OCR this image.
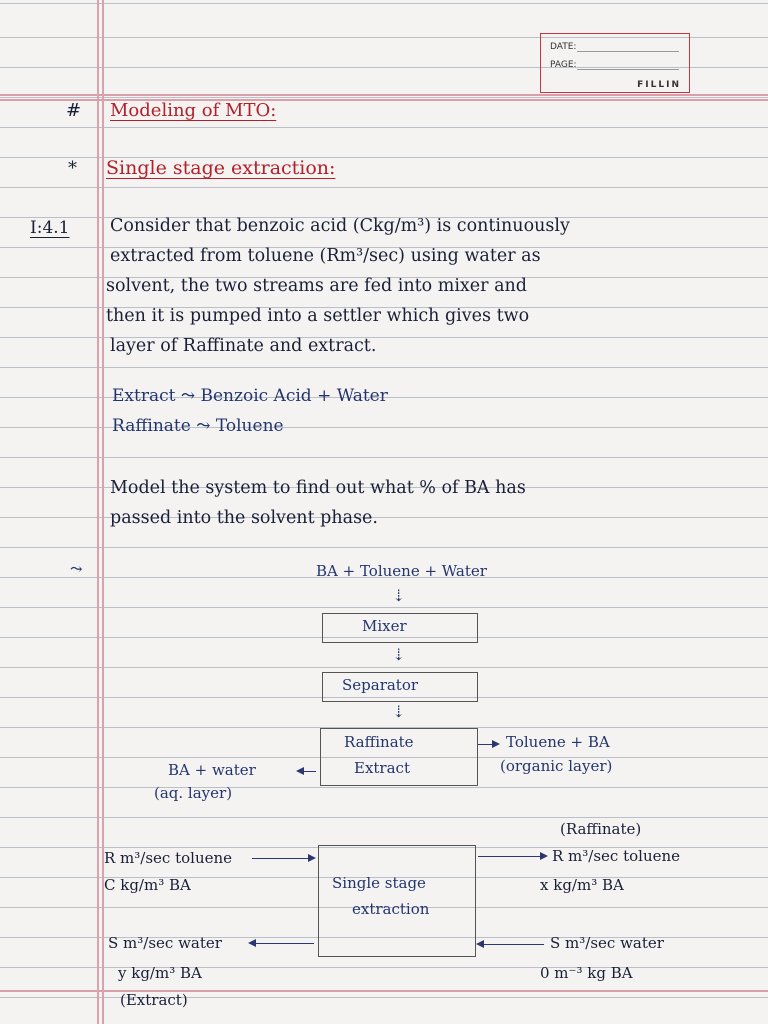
DATE:
PAGE:
FILLIN
# Modeling of MTO:
* Single stage extraction:
I:4.1 Consider that benzoic acid (Ckg/m³) is continuously
extracted from toluene (Rm³/sec) using water as
solvent, the two streams are fed into mixer and
then it is pumped into a settler which gives two
layer of Raffinate and extract.
Extract ⤳ Benzoic Acid + Water
Raffinate ⤳ Toluene
Model the system to find out what % of BA has
passed into the solvent phase.
⤳	BA + Toluene + Water
⇣
Mixer
⇣
Separator
⇣
Raffinate
Extract
Toluene + BA
(organic layer)
BA + water
(aq. layer)
(Raffinate)
Single stage
extraction
R m³/sec toluene
C kg/m³ BA
R m³/sec toluene
x kg/m³ BA
S m³/sec water
y kg/m³ BA
S m³/sec water
0 m⁻³ kg BA
(Extract)
